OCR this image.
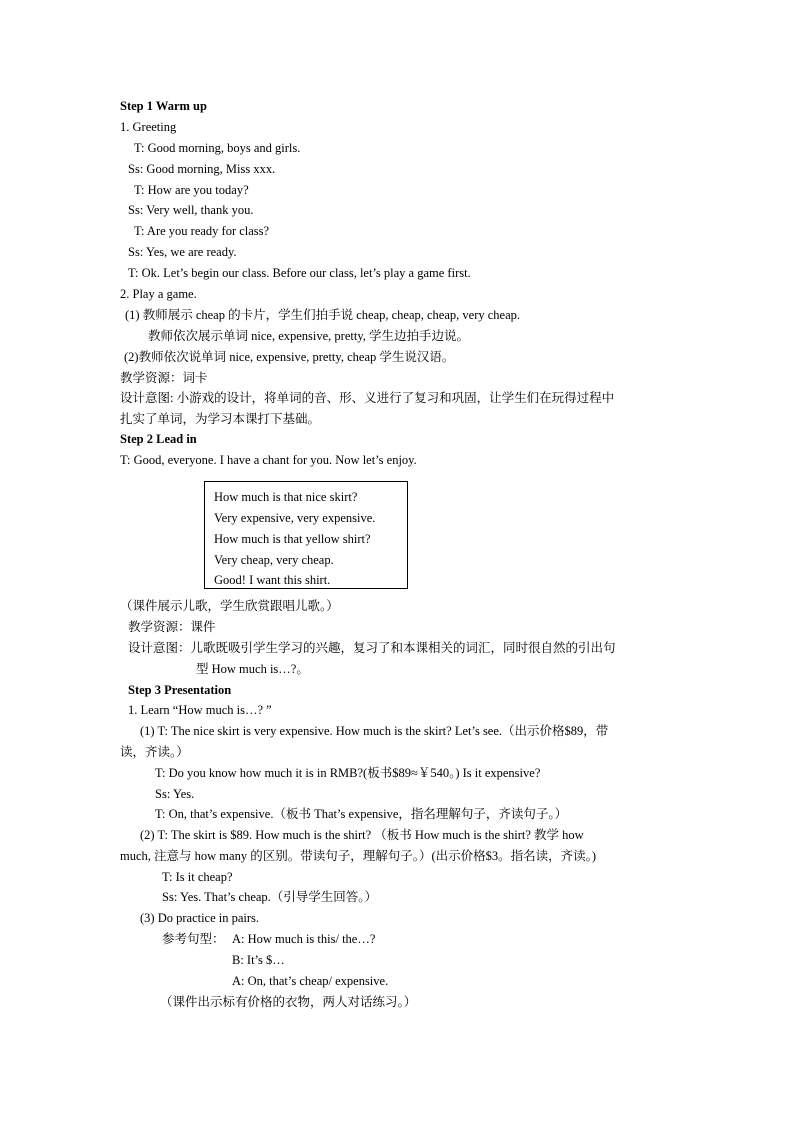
Step 1 Warm up
1. Greeting
T: Good morning, boys and girls.
Ss: Good morning, Miss xxx.
T: How are you today?
Ss: Very well, thank you.
T: Are you ready for class?
Ss: Yes, we are ready.
T: Ok. Let’s begin our class. Before our class, let’s play a game first.
2. Play a game.
(1) 教师展示 cheap 的卡片，学生们拍手说 cheap, cheap, cheap, very cheap.
教师依次展示单词 nice, expensive, pretty, 学生边拍手边说。
(2)教师依次说单词 nice, expensive, pretty, cheap 学生说汉语。
教学资源：词卡
设计意图: 小游戏的设计，将单词的音、形、义进行了复习和巩固，让学生们在玩得过程中
扎实了单词，为学习本课打下基础。
Step 2 Lead in
T: Good, everyone. I have a chant for you. Now let’s enjoy.
How much is that nice skirt?
Very expensive, very expensive.
How much is that yellow shirt?
Very cheap, very cheap.
Good! I want this shirt.
（课件展示儿歌，学生欣赏跟唱儿歌。）
教学资源：课件
设计意图：儿歌既吸引学生学习的兴趣，复习了和本课相关的词汇，同时很自然的引出句
型 How much is…?。
Step 3 Presentation
1. Learn “How much is…? ”
(1) T: The nice skirt is very expensive. How much is the skirt? Let’s see.（出示价格$89，带
读，齐读。）
T: Do you know how much it is in RMB?(板书$89≈￥540。) Is it expensive?
Ss: Yes.
T: On, that’s expensive.（板书 That’s expensive，指名理解句子，齐读句子。）
(2) T: The skirt is $89. How much is the shirt? （板书 How much is the shirt? 教学 how
much, 注意与 how many 的区别。带读句子，理解句子。）(出示价格$3。指名读，齐读。)
T: Is it cheap?
Ss: Yes. That’s cheap.（引导学生回答。）
(3) Do practice in pairs.
参考句型： A: How much is this/ the…?
B: It’s $…
A: On, that’s cheap/ expensive.
（课件出示标有价格的衣物，两人对话练习。）
